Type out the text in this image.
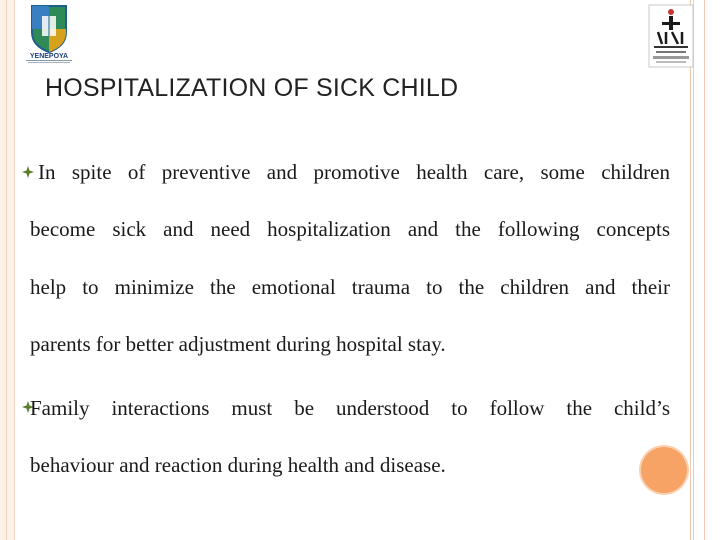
YENEPOYA
HOSPITALIZATION OF SICK CHILD

In spite of preventive and promotive health care, some children

become sick and need hospitalization and the following concepts

help to minimize the emotional trauma to the children and their

parents for better adjustment during hospital stay.

Family interactions must be understood to follow the child’s

behaviour and reaction during health and disease.
